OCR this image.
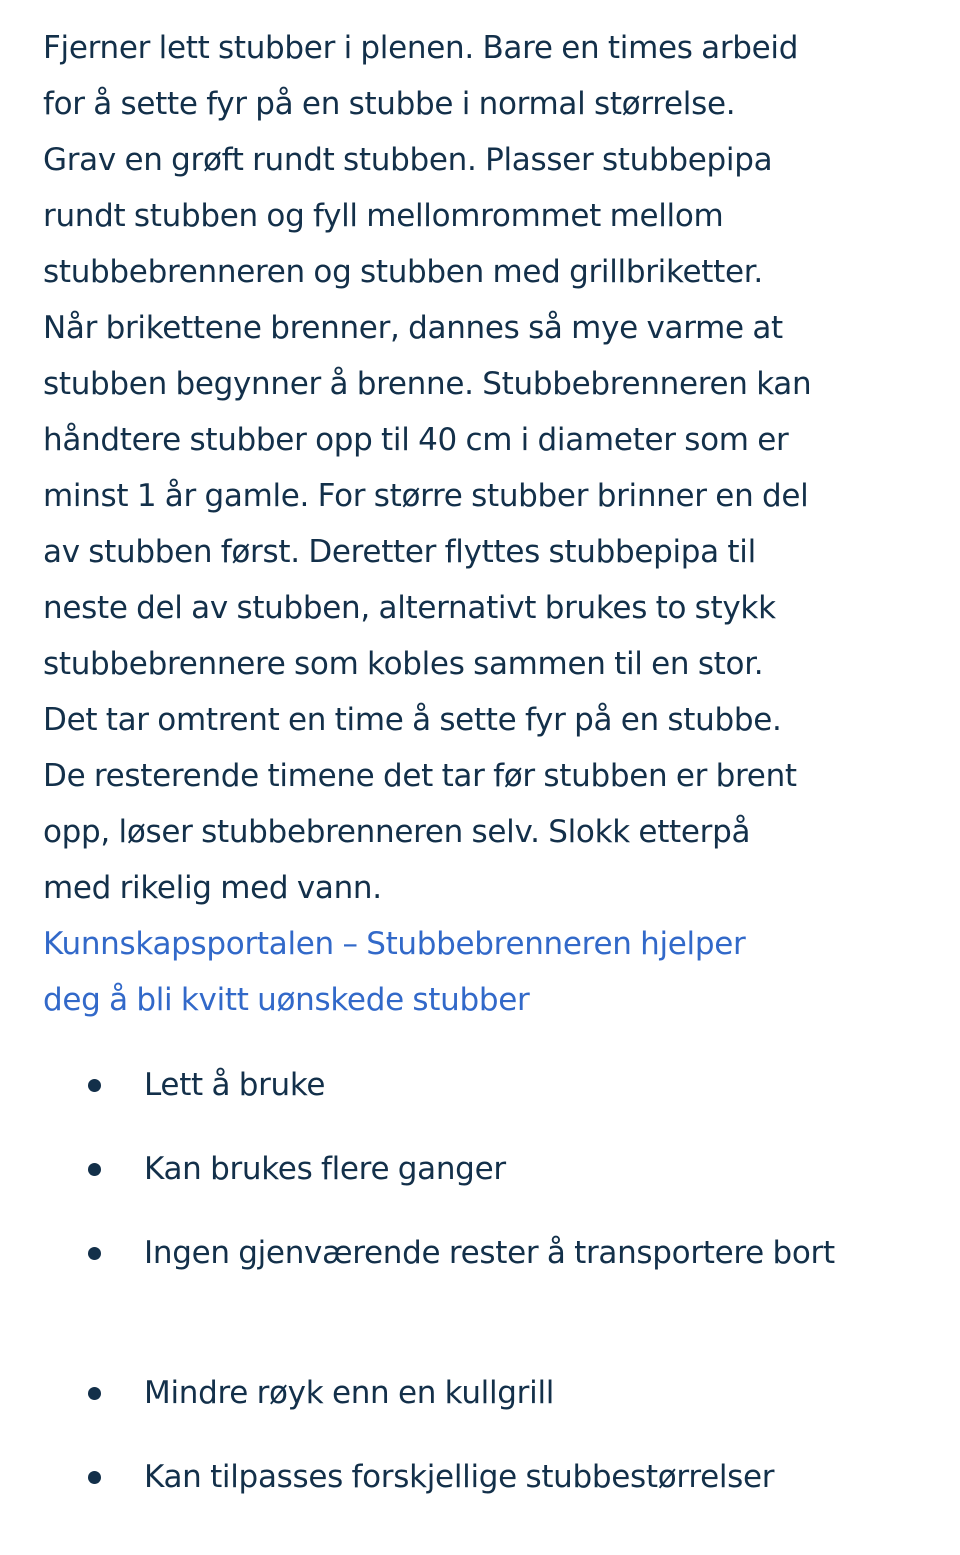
Fjerner lett stubber i plenen. Bare en times arbeid
for å sette fyr på en stubbe i normal størrelse.
Grav en grøft rundt stubben. Plasser stubbepipa
rundt stubben og fyll mellomrommet mellom
stubbebrenneren og stubben med grillbriketter.
Når brikettene brenner, dannes så mye varme at
stubben begynner å brenne. Stubbebrenneren kan
håndtere stubber opp til 40 cm i diameter som er
minst 1 år gamle. For større stubber brinner en del
av stubben først. Deretter flyttes stubbepipa til
neste del av stubben, alternativt brukes to stykk
stubbebrennere som kobles sammen til en stor.
Det tar omtrent en time å sette fyr på en stubbe.
De resterende timene det tar før stubben er brent
opp, løser stubbebrenneren selv. Slokk etterpå
med rikelig med vann.

Kunnskapsportalen – Stubbebrenneren hjelper
deg å bli kvitt uønskede stubber
Lett å bruke
Kan brukes flere ganger
Ingen gjenværende rester å transportere bort
Mindre røyk enn en kullgrill
Kan tilpasses forskjellige stubbestørrelser
